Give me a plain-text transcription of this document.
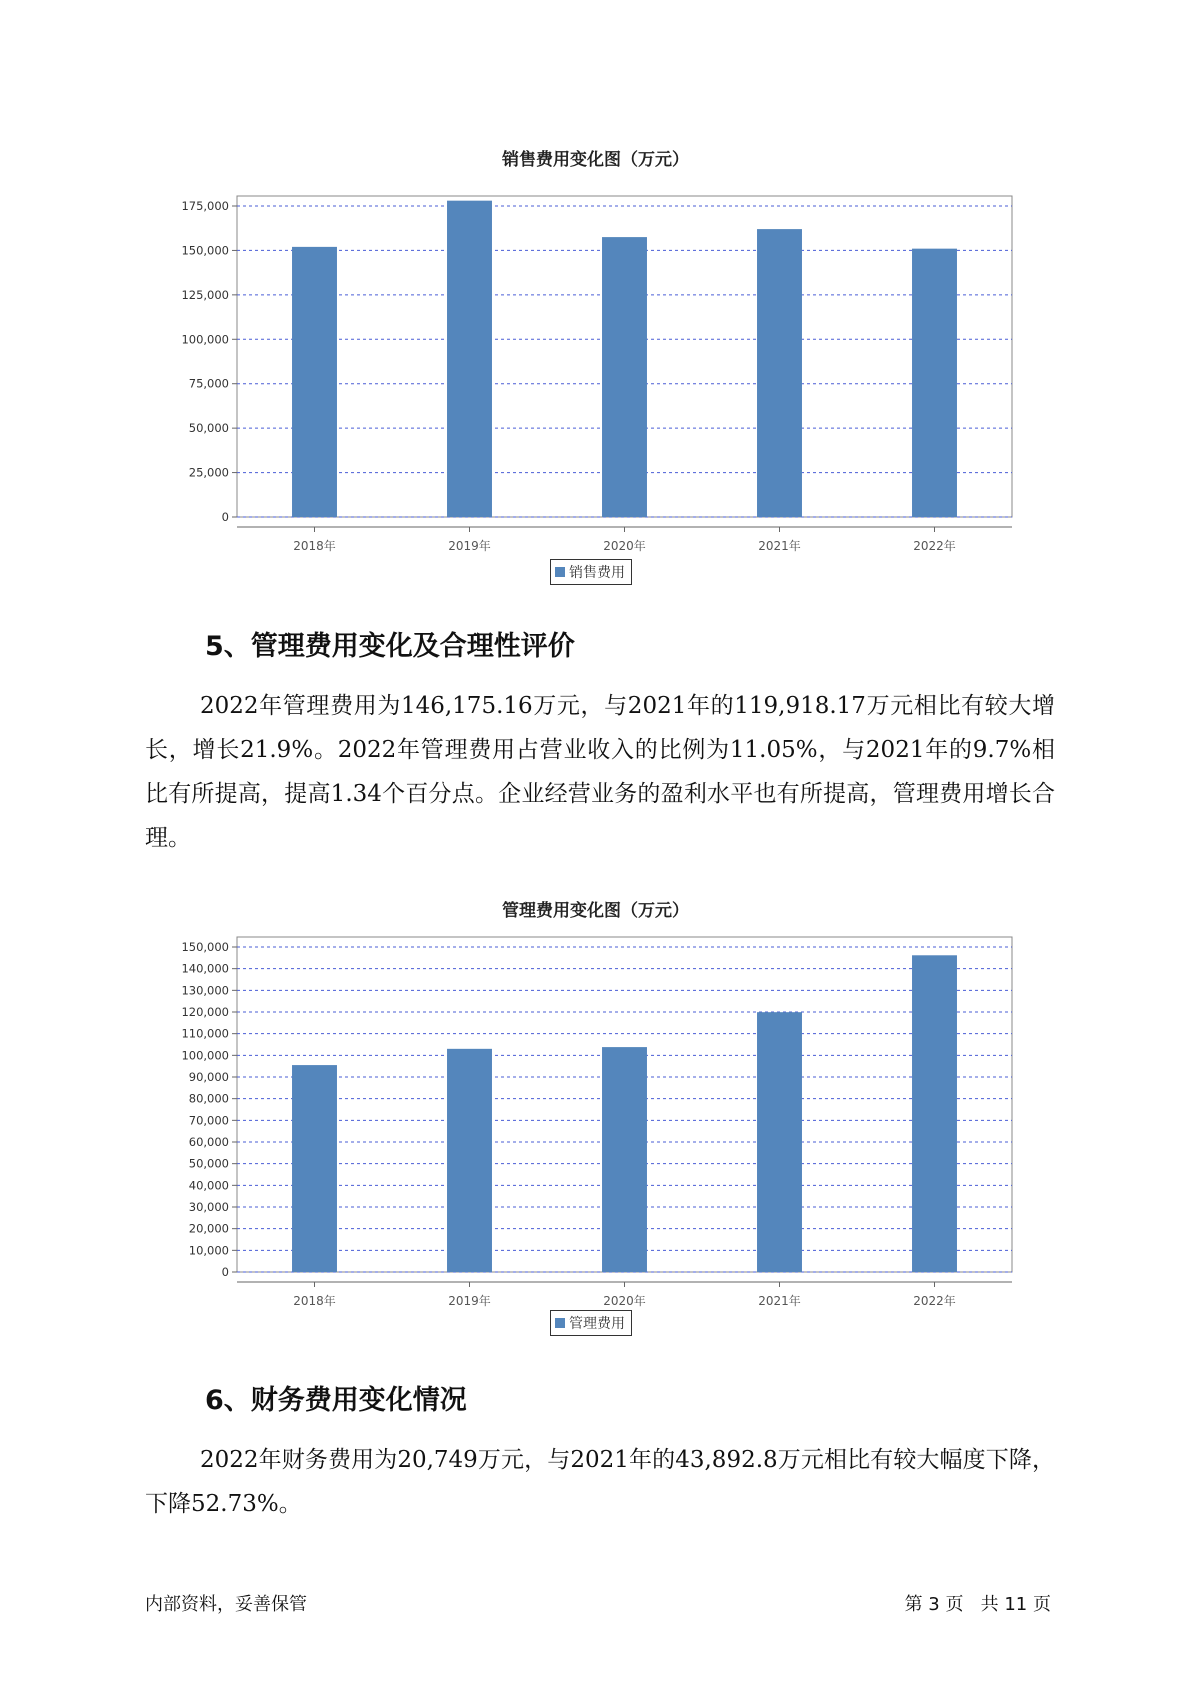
销售费用变化图（万元）
0
25,000
50,000
75,000
100,000
125,000
150,000
175,000
2018年	2019年	2020年	2021年	2022年
销售费用
5、管理费用变化及合理性评价
2022年管理费用为146,175.16万元，与2021年的119,918.17万元相比有较大增长，增长21.9%。2022年管理费用占营业收入的比例为11.05%，与2021年的9.7%相比有所提高，提高1.34个百分点。企业经营业务的盈利水平也有所提高，管理费用增长合理。
管理费用变化图（万元）
0
10,000
20,000
30,000
40,000
50,000
60,000
70,000
80,000
90,000
100,000
110,000
120,000
130,000
140,000
150,000
2018年	2019年	2020年	2021年	2022年
管理费用
6、财务费用变化情况
2022年财务费用为20,749万元，与2021年的43,892.8万元相比有较大幅度下降，下降52.73%。
内部资料，妥善保管	第 3 页   共 11 页
